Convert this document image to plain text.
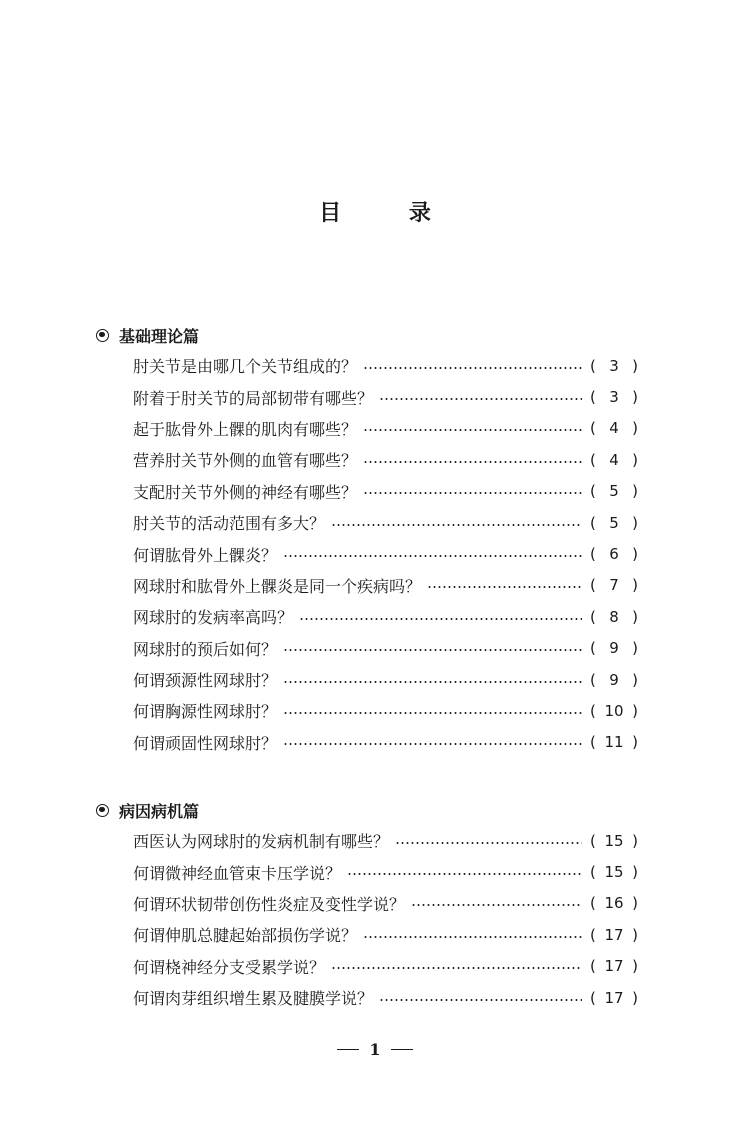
目 录
基础理论篇
肘关节是由哪几个关节组成的？	( 3 )
附着于肘关节的局部韧带有哪些？	( 3 )
起于肱骨外上髁的肌肉有哪些？	( 4 )
营养肘关节外侧的血管有哪些？	( 4 )
支配肘关节外侧的神经有哪些？	( 5 )
肘关节的活动范围有多大？	( 5 )
何谓肱骨外上髁炎？	( 6 )
网球肘和肱骨外上髁炎是同一个疾病吗？	( 7 )
网球肘的发病率高吗？	( 8 )
网球肘的预后如何？	( 9 )
何谓颈源性网球肘？	( 9 )
何谓胸源性网球肘？	( 10 )
何谓顽固性网球肘？	( 11 )
病因病机篇
西医认为网球肘的发病机制有哪些？	( 15 )
何谓微神经血管束卡压学说？	( 15 )
何谓环状韧带创伤性炎症及变性学说？	( 16 )
何谓伸肌总腱起始部损伤学说？	( 17 )
何谓桡神经分支受累学说？	( 17 )
何谓肉芽组织增生累及腱膜学说？	( 17 )
1
